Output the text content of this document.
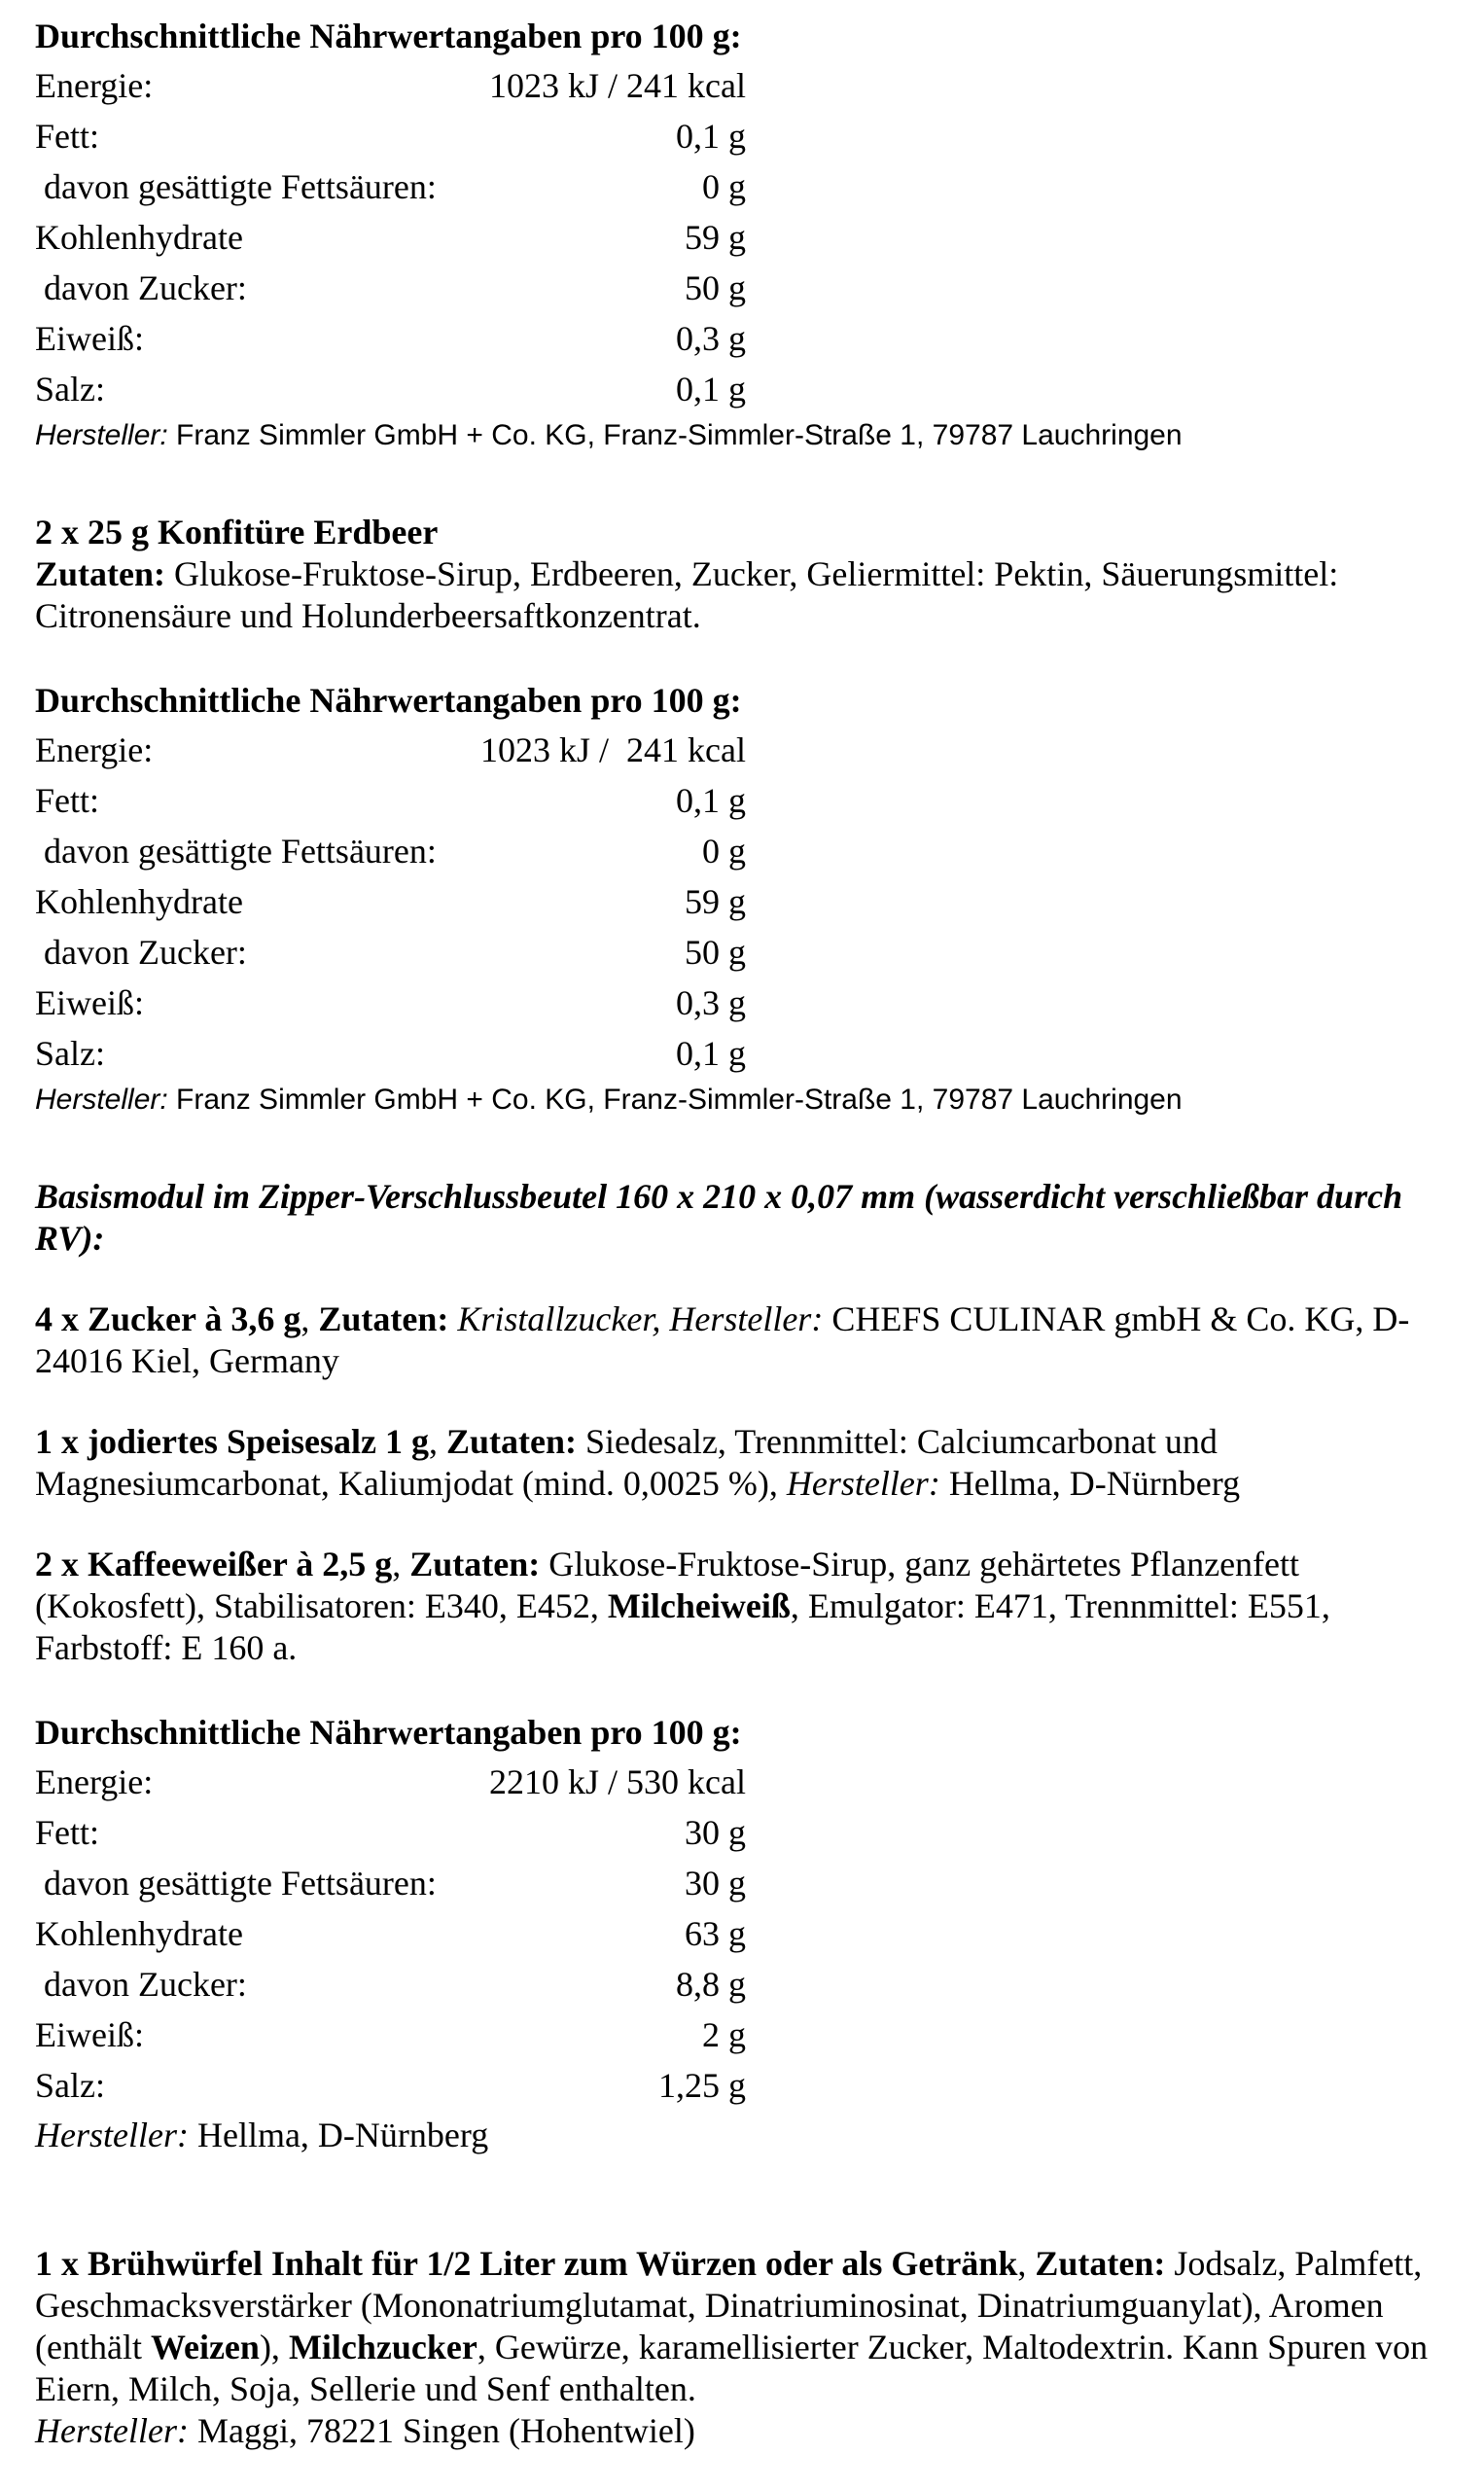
Durchschnittliche Nährwertangaben pro 100 g:
Energie:	1023 kJ / 241 kcal
Fett:	0,1 g
davon gesättigte Fettsäuren:	0 g
Kohlenhydrate	59 g
davon Zucker:	50 g
Eiweiß:	0,3 g
Salz:	0,1 g
Hersteller: Franz Simmler GmbH + Co. KG, Franz-Simmler-Straße 1, 79787 Lauchringen
2 x 25 g Konfitüre Erdbeer

Zutaten: Glukose-Fruktose-Sirup, Erdbeeren, Zucker, Geliermittel: Pektin, Säuerungsmittel: Citronensäure und Holunderbeersaftkonzentrat.

Durchschnittliche Nährwertangaben pro 100 g:
Energie:	1023 kJ /  241 kcal
Fett:	0,1 g
davon gesättigte Fettsäuren:	0 g
Kohlenhydrate	59 g
davon Zucker:	50 g
Eiweiß:	0,3 g
Salz:	0,1 g
Hersteller: Franz Simmler GmbH + Co. KG, Franz-Simmler-Straße 1, 79787 Lauchringen

Basismodul im Zipper-Verschlussbeutel 160 x 210 x 0,07 mm (wasserdicht verschließbar durch RV):

4 x Zucker à 3,6 g, Zutaten: Kristallzucker, Hersteller: CHEFS CULINAR gmbH & Co. KG, D-24016 Kiel, Germany

1 x jodiertes Speisesalz 1 g, Zutaten: Siedesalz, Trennmittel: Calciumcarbonat und Magnesiumcarbonat, Kaliumjodat (mind. 0,0025 %), Hersteller: Hellma, D-Nürnberg

2 x Kaffeeweißer à 2,5 g, Zutaten: Glukose-Fruktose-Sirup, ganz gehärtetes Pflanzenfett (Kokosfett), Stabilisatoren: E340, E452, Milcheiweiß, Emulgator: E471, Trennmittel: E551, Farbstoff: E 160 a.

Durchschnittliche Nährwertangaben pro 100 g:
Energie:	2210 kJ / 530 kcal
Fett:	30 g
davon gesättigte Fettsäuren:	30 g
Kohlenhydrate	63 g
davon Zucker:	8,8 g
Eiweiß:	2 g
Salz:	1,25 g
Hersteller: Hellma, D-Nürnberg

1 x Brühwürfel Inhalt für 1/2 Liter zum Würzen oder als Getränk, Zutaten: Jodsalz, Palmfett, Geschmacksverstärker (Mononatriumglutamat, Dinatriuminosinat, Dinatriumguanylat), Aromen (enthält Weizen), Milchzucker, Gewürze, karamellisierter Zucker, Maltodextrin. Kann Spuren von Eiern, Milch, Soja, Sellerie und Senf enthalten.

Hersteller: Maggi, 78221 Singen (Hohentwiel)
